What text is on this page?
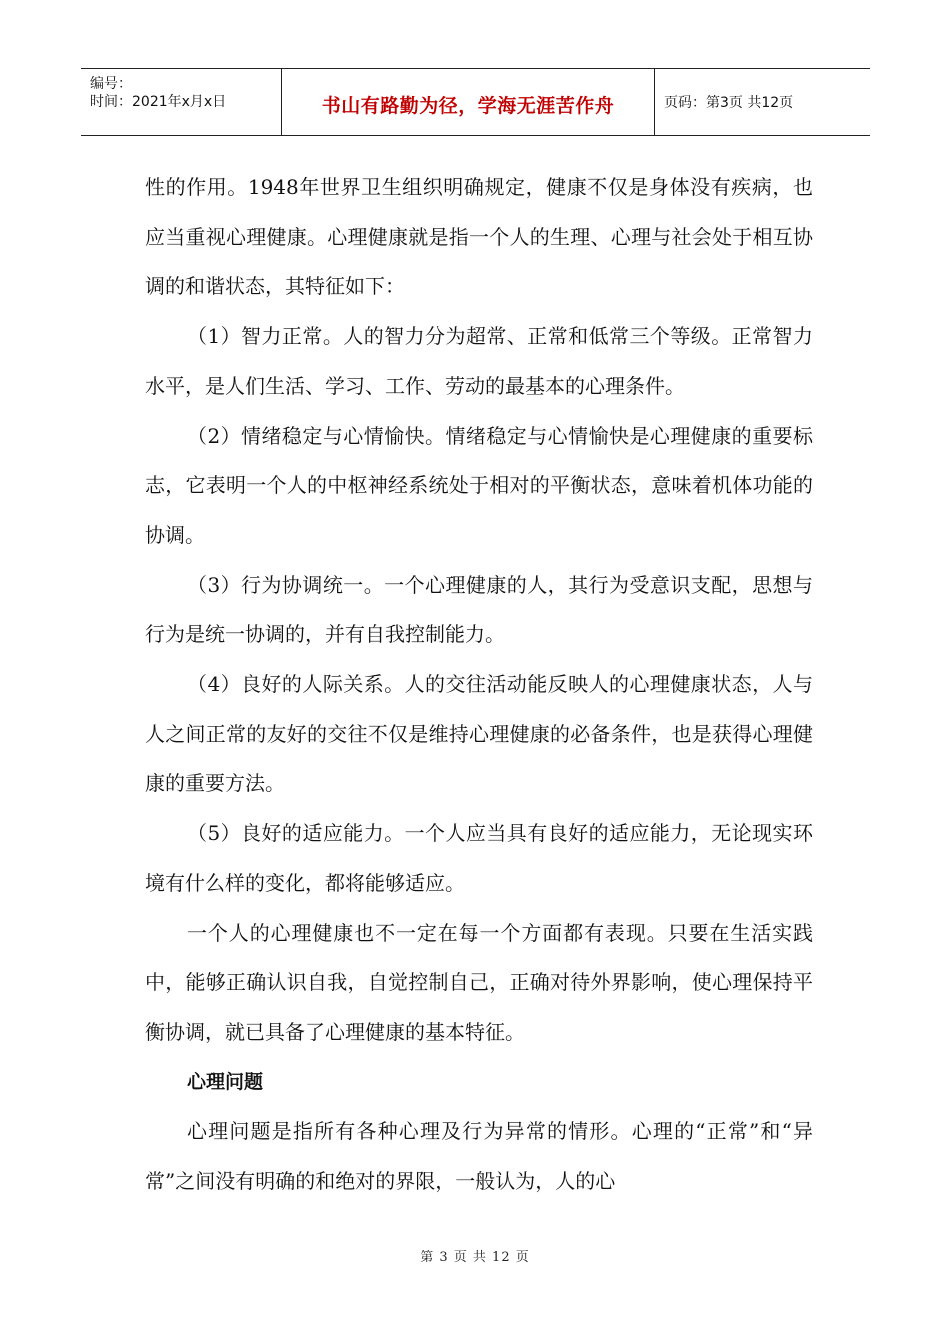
编号：
时间：2021年x月x日	书山有路勤为径，学海无涯苦作舟	页码：第3页 共12页

性的作用。1948年世界卫生组织明确规定，健康不仅是身体没有疾病，也应当重视心理健康。心理健康就是指一个人的生理、心理与社会处于相互协调的和谐状态，其特征如下：

（1）智力正常。人的智力分为超常、正常和低常三个等级。正常智力水平，是人们生活、学习、工作、劳动的最基本的心理条件。

（2）情绪稳定与心情愉快。情绪稳定与心情愉快是心理健康的重要标志，它表明一个人的中枢神经系统处于相对的平衡状态，意味着机体功能的协调。

（3）行为协调统一。一个心理健康的人，其行为受意识支配，思想与行为是统一协调的，并有自我控制能力。

（4）良好的人际关系。人的交往活动能反映人的心理健康状态，人与人之间正常的友好的交往不仅是维持心理健康的必备条件，也是获得心理健康的重要方法。

（5）良好的适应能力。一个人应当具有良好的适应能力，无论现实环境有什么样的变化，都将能够适应。

一个人的心理健康也不一定在每一个方面都有表现。只要在生活实践中，能够正确认识自我，自觉控制自己，正确对待外界影响，使心理保持平衡协调，就已具备了心理健康的基本特征。

心理问题

心理问题是指所有各种心理及行为异常的情形。心理的“正常”和“异常”之间没有明确的和绝对的界限，一般认为，人的心

第 3 页 共 12 页
